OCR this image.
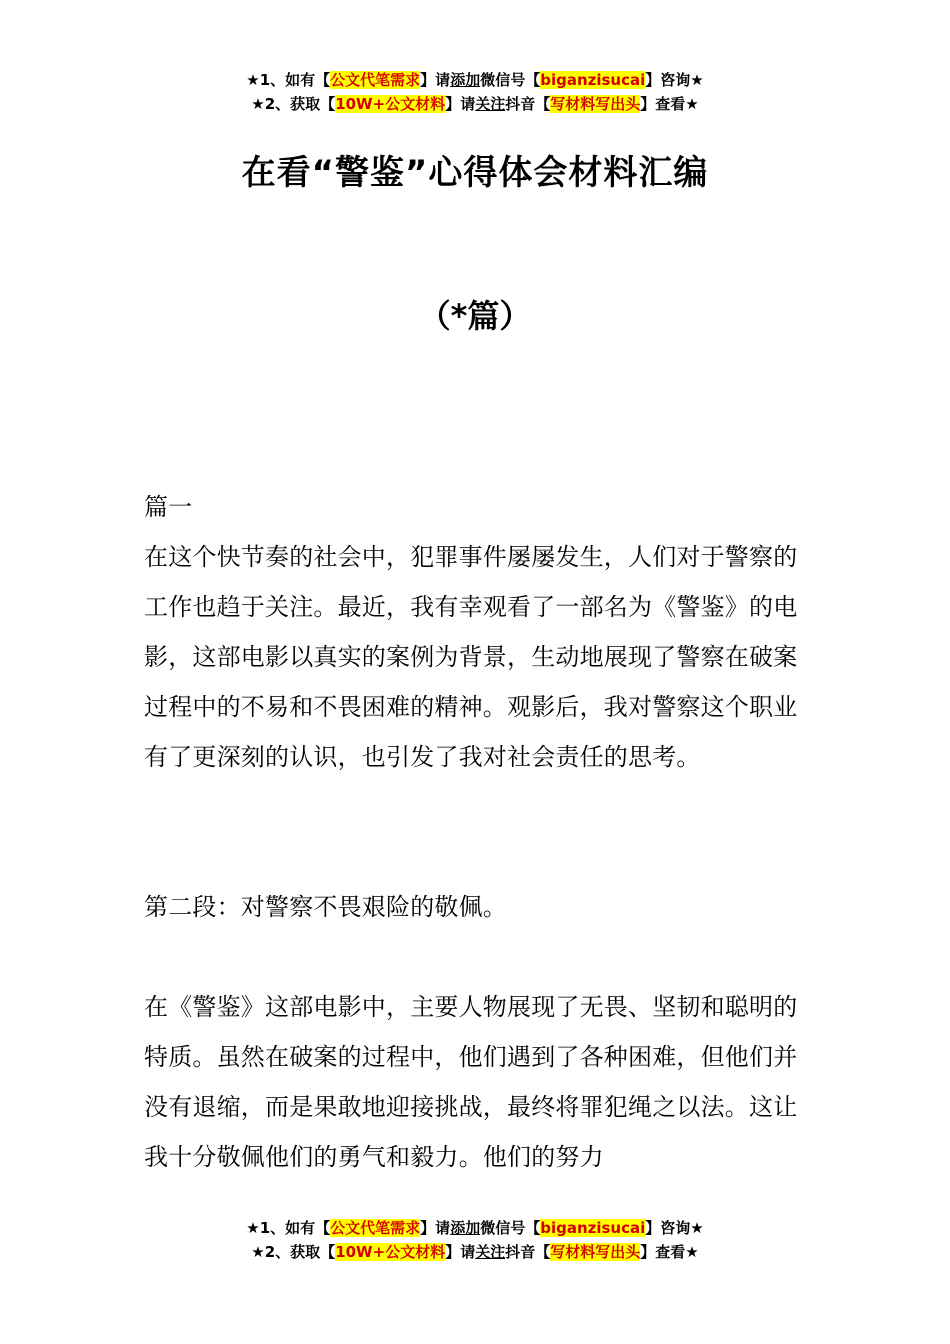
★1、如有【公文代笔需求】请添加微信号【biganzisucai】咨询★
★2、获取【10W+公文材料】请关注抖音【写材料写出头】查看★
在看“警鉴”心得体会材料汇编
（*篇）
篇一
在这个快节奏的社会中，犯罪事件屡屡发生，人们对于警察的工作也趋于关注。最近，我有幸观看了一部名为《警鉴》的电影，这部电影以真实的案例为背景，生动地展现了警察在破案过程中的不易和不畏困难的精神。观影后，我对警察这个职业有了更深刻的认识，也引发了我对社会责任的思考。
第二段：对警察不畏艰险的敬佩。
在《警鉴》这部电影中，主要人物展现了无畏、坚韧和聪明的特质。虽然在破案的过程中，他们遇到了各种困难，但他们并没有退缩，而是果敢地迎接挑战，最终将罪犯绳之以法。这让我十分敬佩他们的勇气和毅力。他们的努力
★1、如有【公文代笔需求】请添加微信号【biganzisucai】咨询★
★2、获取【10W+公文材料】请关注抖音【写材料写出头】查看★
